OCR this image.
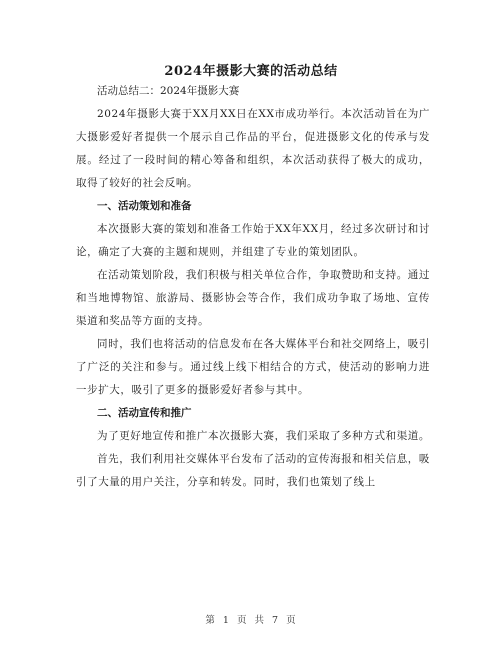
2024年摄影大赛的活动总结

活动总结二：2024年摄影大赛

2024年摄影大赛于XX月XX日在XX市成功举行。本次活动旨在为广大摄影爱好者提供一个展示自己作品的平台，促进摄影文化的传承与发展。经过了一段时间的精心筹备和组织，本次活动获得了极大的成功，取得了较好的社会反响。

一、活动策划和准备

本次摄影大赛的策划和准备工作始于XX年XX月，经过多次研讨和讨论，确定了大赛的主题和规则，并组建了专业的策划团队。

在活动策划阶段，我们积极与相关单位合作，争取赞助和支持。通过和当地博物馆、旅游局、摄影协会等合作，我们成功争取了场地、宣传渠道和奖品等方面的支持。

同时，我们也将活动的信息发布在各大媒体平台和社交网络上，吸引了广泛的关注和参与。通过线上线下相结合的方式，使活动的影响力进一步扩大，吸引了更多的摄影爱好者参与其中。

二、活动宣传和推广

为了更好地宣传和推广本次摄影大赛，我们采取了多种方式和渠道。

首先，我们利用社交媒体平台发布了活动的宣传海报和相关信息，吸引了大量的用户关注，分享和转发。同时，我们也策划了线上

第 1 页 共 7 页
